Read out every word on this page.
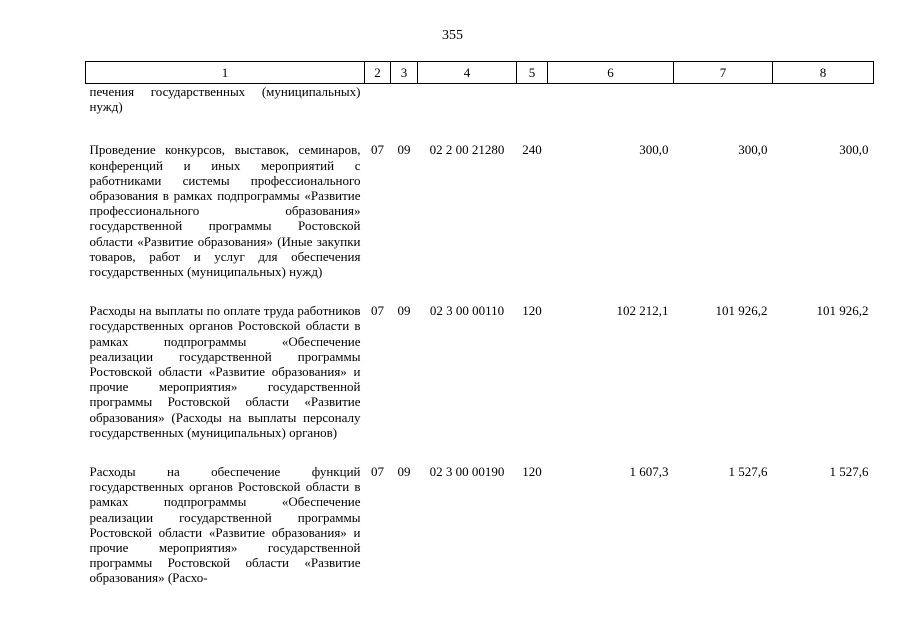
355
1	2	3	4	5	6	7	8
печения государственных (муниципальных) нужд)							
Проведение конкурсов, выставок, семинаров, конференций и иных мероприятий с работниками системы профессионального образования в рамках подпрограммы «Развитие профессионального образования» государственной программы Ростовской области «Развитие образования» (Иные закупки товаров, работ и услуг для обеспечения государственных (муниципальных) нужд)	07	09	02 2 00 21280	240	300,0	300,0	300,0
Расходы на выплаты по оплате труда работников государственных органов Ростовской области в рамках подпрограммы «Обеспечение реализации государственной программы Ростовской области «Развитие образования» и прочие мероприятия» государственной программы Ростовской области «Развитие образования» (Расходы на выплаты персоналу государственных (муниципальных) органов)	07	09	02 3 00 00110	120	102 212,1	101 926,2	101 926,2
Расходы на обеспечение функций государственных органов Ростовской области в рамках подпрограммы «Обеспечение реализации государственной программы Ростовской области «Развитие образования» и прочие мероприятия» государственной программы Ростовской области «Развитие образования» (Расхо-	07	09	02 3 00 00190	120	1 607,3	1 527,6	1 527,6
